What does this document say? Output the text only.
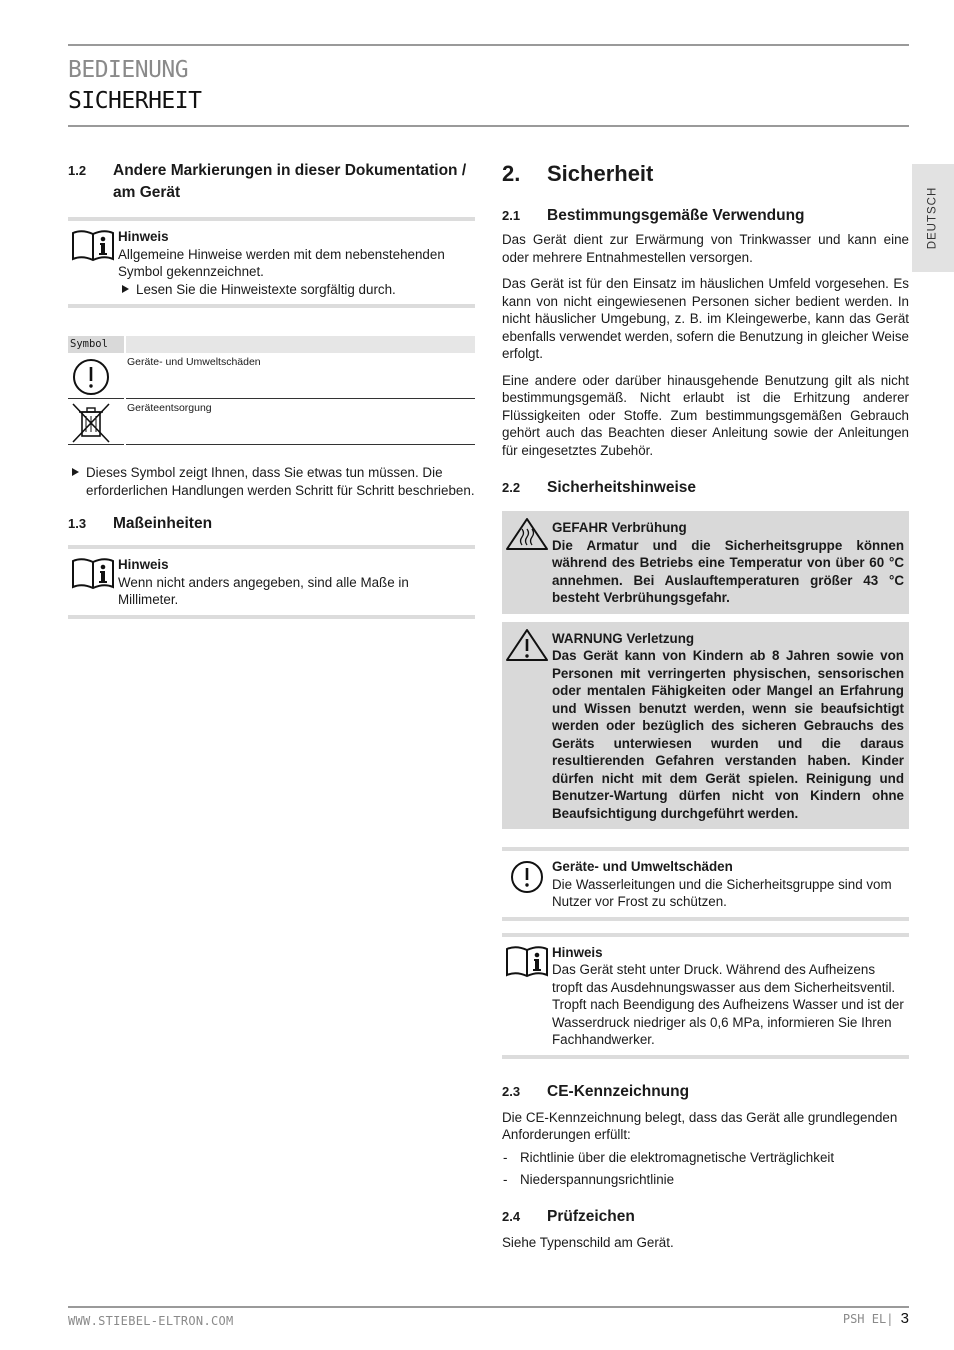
BEDIENUNG
SICHERHEIT
DEUTSCH
1.2	Andere Markierungen in dieser Dokumentation / am Gerät
Hinweis
Allgemeine Hinweise werden mit dem nebenstehenden Symbol gekennzeichnet.
Lesen Sie die Hinweistexte sorgfältig durch.
Symbol
Geräte- und Umweltschäden
Geräteentsorgung
Dieses Symbol zeigt Ihnen, dass Sie etwas tun müssen. Die erforderlichen Handlungen werden Schritt für Schritt beschrieben.
1.3	Maßeinheiten
Hinweis
Wenn nicht anders angegeben, sind alle Maße in Millimeter.
2.	Sicherheit
2.1	Bestimmungsgemäße Verwendung

Das Gerät dient zur Erwärmung von Trinkwasser und kann eine oder mehrere Entnahmestellen versorgen.

Das Gerät ist für den Einsatz im häuslichen Umfeld vorgesehen. Es kann von nicht eingewiesenen Personen sicher bedient werden. In nicht häuslicher Umgebung, z. B. im Kleingewerbe, kann das Gerät ebenfalls verwendet werden, sofern die Benutzung in gleicher Weise erfolgt.

Eine andere oder darüber hinausgehende Benutzung gilt als nicht bestimmungsgemäß. Nicht erlaubt ist die Erhitzung anderer Flüssigkeiten oder Stoffe. Zum bestimmungsgemäßen Gebrauch gehört auch das Beachten dieser Anleitung sowie der Anleitungen für eingesetztes Zubehör.

2.2	Sicherheitshinweise
GEFAHR Verbrühung
Die Armatur und die Sicherheitsgruppe können während des Betriebs eine Temperatur von über 60 °C annehmen. Bei Auslauftemperaturen größer 43 °C besteht Verbrühungsgefahr.
WARNUNG Verletzung
Das Gerät kann von Kindern ab 8 Jahren sowie von Personen mit verringerten physischen, sensorischen oder mentalen Fähigkeiten oder Mangel an Erfahrung und Wissen benutzt werden, wenn sie beaufsichtigt werden oder bezüglich des sicheren Gebrauchs des Geräts unterwiesen wurden und die daraus resultierenden Gefahren verstanden haben. Kinder dürfen nicht mit dem Gerät spielen. Reinigung und Benutzer-Wartung dürfen nicht von Kindern ohne Beaufsichtigung durchgeführt werden.
Geräte- und Umweltschäden
Die Wasserleitungen und die Sicherheitsgruppe sind vom Nutzer vor Frost zu schützen.
Hinweis
Das Gerät steht unter Druck. Während des Aufheizens tropft das Ausdehnungswasser aus dem Sicherheitsventil. Tropft nach Beendigung des Aufheizens Wasser und ist der Wasserdruck niedriger als 0,6 MPa, informieren Sie Ihren Fachhandwerker.
2.3	CE-Kennzeichnung

Die CE-Kennzeichnung belegt, dass das Gerät alle grundlegenden Anforderungen erfüllt:

- Richtlinie über die elektromagnetische Verträglichkeit
- Niederspannungsrichtlinie
2.4	Prüfzeichen

Siehe Typenschild am Gerät.

WWW.STIEBEL-ELTRON.COM	PSH EL| 3
